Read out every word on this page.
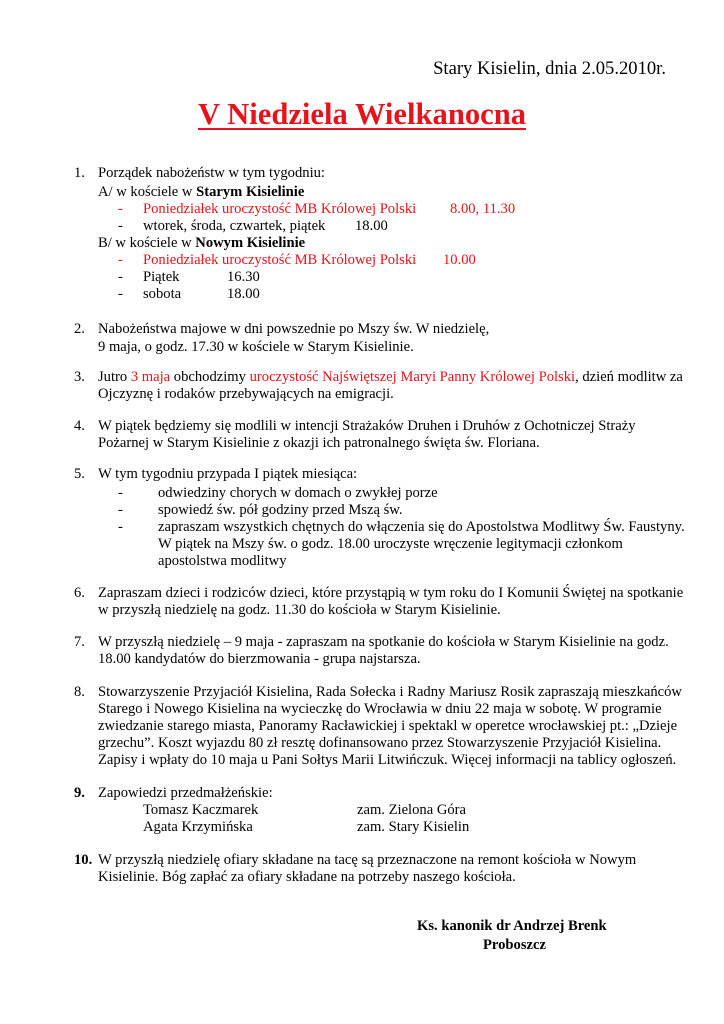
Stary Kisielin, dnia 2.05.2010r.
V Niedziela Wielkanocna
1. Porządek nabożeństw w tym tygodniu:
A/ w kościele w Starym Kisielinie
- Poniedziałek uroczystość MB Królowej Polski 8.00, 11.30
- wtorek, środa, czwartek, piątek 18.00
B/ w kościele w Nowym Kisielinie
- Poniedziałek uroczystość MB Królowej Polski 10.00
- Piątek	16.30
- sobota	18.00
2. Nabożeństwa majowe w dni powszednie po Mszy św. W niedzielę,
9 maja, o godz. 17.30 w kościele w Starym Kisielinie.
3. Jutro 3 maja obchodzimy uroczystość Najświętszej Maryi Panny Królowej Polski, dzień modlitw za
Ojczyznę i rodaków przebywających na emigracji.
4. W piątek będziemy się modlili w intencji Strażaków Druhen i Druhów z Ochotniczej Straży
Pożarnej w Starym Kisielinie z okazji ich patronalnego święta św. Floriana.
5. W tym tygodniu przypada I piątek miesiąca:
- odwiedziny chorych w domach o zwykłej porze
- spowiedź św. pół godziny przed Mszą św.
- zapraszam wszystkich chętnych do włączenia się do Apostolstwa Modlitwy Św. Faustyny.
W piątek na Mszy św. o godz. 18.00 uroczyste wręczenie legitymacji członkom
apostolstwa modlitwy
6. Zapraszam dzieci i rodziców dzieci, które przystąpią w tym roku do I Komunii Świętej na spotkanie
w przyszłą niedzielę na godz. 11.30 do kościoła w Starym Kisielinie.
7. W przyszłą niedzielę – 9 maja - zapraszam na spotkanie do kościoła w Starym Kisielinie na godz.
18.00 kandydatów do bierzmowania - grupa najstarsza.
8. Stowarzyszenie Przyjaciół Kisielina, Rada Sołecka i Radny Mariusz Rosik zapraszają mieszkańców
Starego i Nowego Kisielina na wycieczkę do Wrocławia w dniu 22 maja w sobotę. W programie
zwiedzanie starego miasta, Panoramy Racławickiej i spektakl w operetce wrocławskiej pt.: „Dzieje
grzechu”. Koszt wyjazdu 80 zł resztę dofinansowano przez Stowarzyszenie Przyjaciół Kisielina.
Zapisy i wpłaty do 10 maja u Pani Sołtys Marii Litwińczuk. Więcej informacji na tablicy ogłoszeń.
9. Zapowiedzi przedmałżeńskie:
Tomasz Kaczmarek	zam. Zielona Góra
Agata Krzymińska	zam. Stary Kisielin
10. W przyszłą niedzielę ofiary składane na tacę są przeznaczone na remont kościoła w Nowym
Kisielinie. Bóg zapłać za ofiary składane na potrzeby naszego kościoła.
Ks. kanonik dr Andrzej Brenk
Proboszcz
